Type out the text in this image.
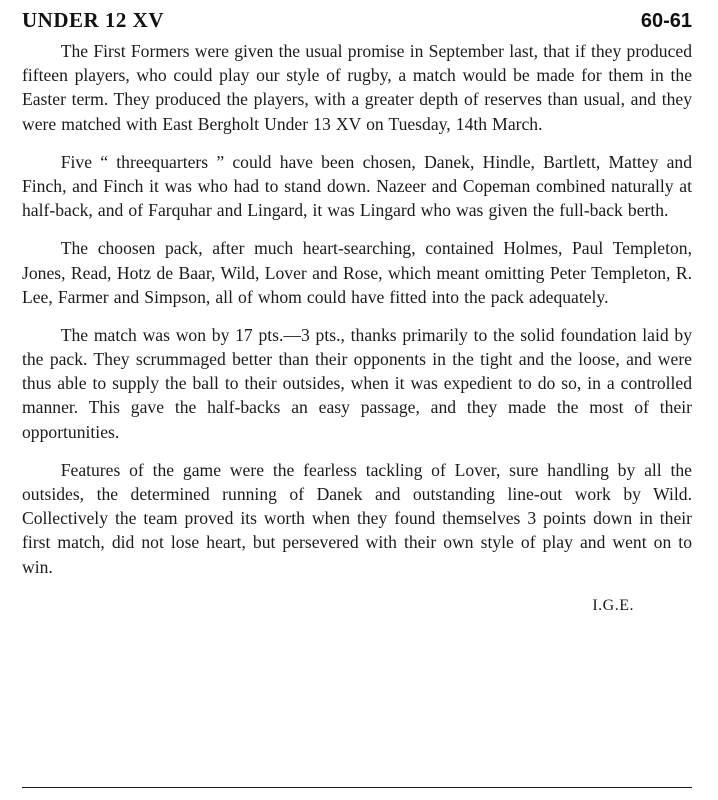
UNDER 12 XV	60-61

The First Formers were given the usual promise in September last, that if they produced fifteen players, who could play our style of rugby, a match would be made for them in the Easter term. They produced the players, with a greater depth of reserves than usual, and they were matched with East Bergholt Under 13 XV on Tuesday, 14th March.

Five “ threequarters ” could have been chosen, Danek, Hindle, Bartlett, Mattey and Finch, and Finch it was who had to stand down. Nazeer and Copeman combined naturally at half-back, and of Farquhar and Lingard, it was Lingard who was given the full-back berth.

The choosen pack, after much heart-searching, contained Holmes, Paul Templeton, Jones, Read, Hotz de Baar, Wild, Lover and Rose, which meant omitting Peter Templeton, R. Lee, Farmer and Simpson, all of whom could have fitted into the pack adequately.

The match was won by 17 pts.—3 pts., thanks primarily to the solid foundation laid by the pack. They scrummaged better than their opponents in the tight and the loose, and were thus able to supply the ball to their outsides, when it was expedient to do so, in a controlled manner. This gave the half-backs an easy passage, and they made the most of their opportunities.

Features of the game were the fearless tackling of Lover, sure handling by all the outsides, the determined running of Danek and outstanding line-out work by Wild. Collectively the team proved its worth when they found themselves 3 points down in their first match, did not lose heart, but persevered with their own style of play and went on to win.

I.G.E.
